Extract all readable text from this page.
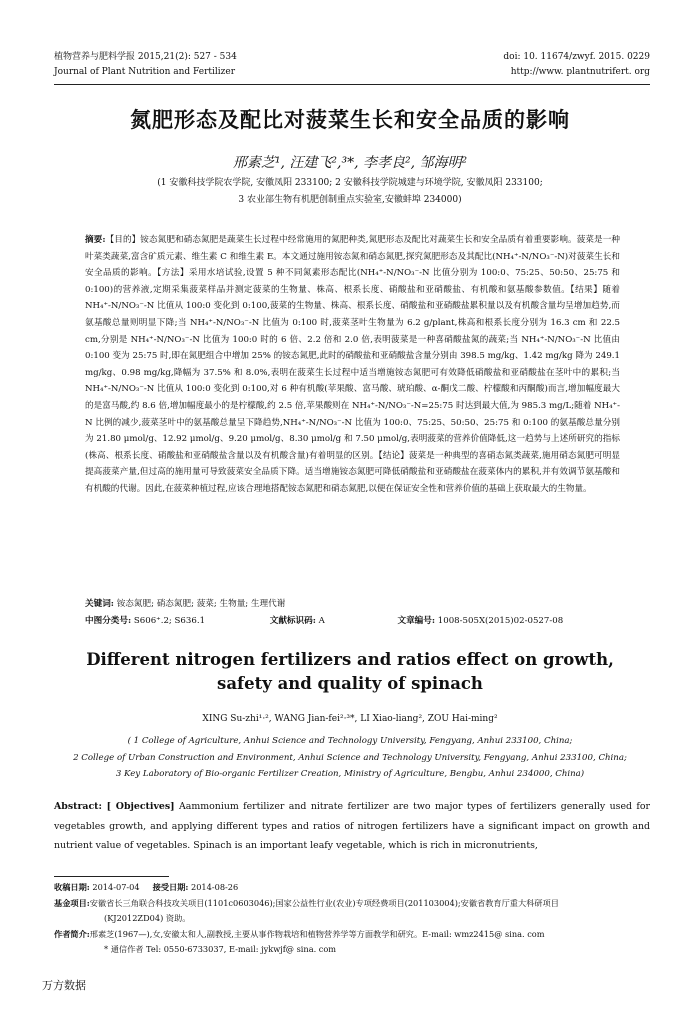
植物营养与肥料学报 2015,21(2): 527 - 534
Journal of Plant Nutrition and Fertilizer
doi: 10. 11674/zwyf. 2015. 0229
http://www. plantnutrifert. org
氮肥形态及配比对菠菜生长和安全品质的影响
邢素芝¹, 汪建飞²,³*, 李孝良², 邹海明²
(1 安徽科技学院农学院, 安徽凤阳 233100; 2 安徽科技学院城建与环境学院, 安徽凤阳 233100;
3 农业部生物有机肥创制重点实验室,安徽蚌埠 234000)
摘要:【目的】铵态氮肥和硝态氮肥是蔬菜生长过程中经常施用的氮肥种类,氮肥形态及配比对蔬菜生长和安全品质有着重要影响。菠菜是一种叶菜类蔬菜,富含矿质元素、维生素 C 和维生素 E。本文通过施用铵态氮和硝态氮肥,探究氮肥形态及其配比(NH₄⁺-N/NO₃⁻-N)对菠菜生长和安全品质的影响。【方法】采用水培试验,设置 5 种不同氮素形态配比(NH₄⁺-N/NO₃⁻-N 比值分别为 100:0、75:25、50:50、25:75 和 0:100)的营养液,定期采集菠菜样品并测定菠菜的生物量、株高、根系长度、硝酸盐和亚硝酸盐、有机酸和氨基酸参数值。【结果】随着 NH₄⁺-N/NO₃⁻-N 比值从 100:0 变化到 0:100,菠菜的生物量、株高、根系长度、硝酸盐和亚硝酸盐累积量以及有机酸含量均呈增加趋势,而氨基酸总量则明显下降;当 NH₄⁺-N/NO₃⁻-N 比值为 0:100 时,菠菜茎叶生物量为 6.2 g/plant,株高和根系长度分别为 16.3 cm 和 22.5 cm,分别是 NH₄⁺-N/NO₃⁻-N 比值为 100:0 时的 6 倍、2.2 倍和 2.0 倍,表明菠菜是一种喜硝酸盐氮的蔬菜;当 NH₄⁺-N/NO₃⁻-N 比值由 0:100 变为 25:75 时,即在氮肥组合中增加 25% 的铵态氮肥,此时的硝酸盐和亚硝酸盐含量分别由 398.5 mg/kg、1.42 mg/kg 降为 249.1 mg/kg、0.98 mg/kg,降幅为 37.5% 和 8.0%,表明在菠菜生长过程中适当增施铵态氮肥可有效降低硝酸盐和亚硝酸盐在茎叶中的累积;当 NH₄⁺-N/NO₃⁻-N 比值从 100:0 变化到 0:100,对 6 种有机酸(苹果酸、富马酸、琥珀酸、α-酮戊二酸、柠檬酸和丙酮酸)而言,增加幅度最大的是富马酸,约 8.6 倍,增加幅度最小的是柠檬酸,约 2.5 倍,苹果酸则在 NH₄⁺-N/NO₃⁻-N=25:75 时达到最大值,为 985.3 mg/L;随着 NH₄⁺-N 比例的减少,菠菜茎叶中的氨基酸总量呈下降趋势,NH₄⁺-N/NO₃⁻-N 比值为 100:0、75:25、50:50、25:75 和 0:100 的氨基酸总量分别为 21.80 μmol/g、12.92 μmol/g、9.20 μmol/g、8.30 μmol/g 和 7.50 μmol/g,表明菠菜的营养价值降低,这一趋势与上述所研究的指标(株高、根系长度、硝酸盐和亚硝酸盐含量以及有机酸含量)有着明显的区别。【结论】菠菜是一种典型的喜硝态氮类蔬菜,施用硝态氮肥可明显提高菠菜产量,但过高的施用量可导致菠菜安全品质下降。适当增施铵态氮肥可降低硝酸盐和亚硝酸盐在菠菜体内的累积,并有效调节氨基酸和有机酸的代谢。因此,在菠菜种植过程,应该合理地搭配铵态氮肥和硝态氮肥,以便在保证安全性和营养价值的基础上获取最大的生物量。
关键词: 铵态氮肥; 硝态氮肥; 菠菜; 生物量; 生理代谢
中图分类号: S606⁺.2; S636.1	文献标识码: A	文章编号: 1008-505X(2015)02-0527-08
Different nitrogen fertilizers and ratios effect on growth, safety and quality of spinach
XING Su-zhi¹·², WANG Jian-fei²·³*, LI Xiao-liang², ZOU Hai-ming²
( 1 College of Agriculture, Anhui Science and Technology University, Fengyang, Anhui 233100, China;
2 College of Urban Construction and Environment, Anhui Science and Technology University, Fengyang, Anhui 233100, China;
3 Key Laboratory of Bio-organic Fertilizer Creation, Ministry of Agriculture, Bengbu, Anhui 234000, China)
Abstract: [ Objectives] Aammonium fertilizer and nitrate fertilizer are two major types of fertilizers generally used for vegetables growth, and applying different types and ratios of nitrogen fertilizers have a significant impact on growth and nutrient value of vegetables. Spinach is an important leafy vegetable, which is rich in micronutrients,
收稿日期: 2014-07-04 接受日期: 2014-08-26
基金项目:安徽省长三角联合科技攻关项目(1101c0603046);国家公益性行业(农业)专项经费项目(201103004);安徽省教育厅重大科研项目
(KJ2012ZD04) 资助。
作者简介:邢素芝(1967—),女,安徽太和人,副教授,主要从事作物栽培和植物营养学等方面教学和研究。E-mail: wmz2415@ sina. com
* 通信作者 Tel: 0550-6733037, E-mail: jykwjf@ sina. com
万方数据
